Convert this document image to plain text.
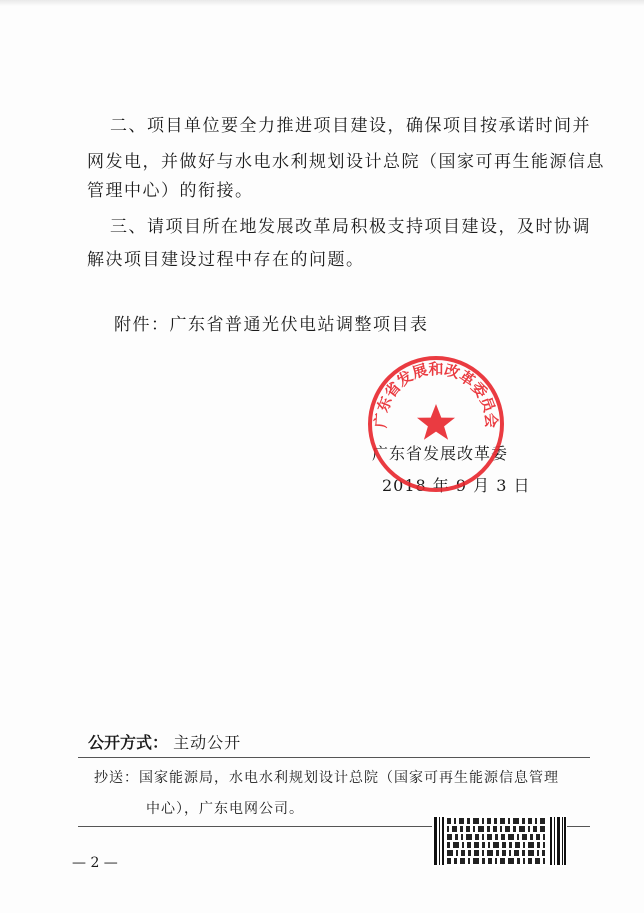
二、项目单位要全力推进项目建设，确保项目按承诺时间并

网发电，并做好与水电水利规划设计总院（国家可再生能源信息

管理中心）的衔接。

三、请项目所在地发展改革局积极支持项目建设，及时协调

解决项目建设过程中存在的问题。

附件：广东省普通光伏电站调整项目表

广东省发展改革委

2018 年 9 月 3 日

广东省发展和改革委员会
公开方式： 主动公开
抄送：国家能源局，水电水利规划设计总院（国家可再生能源信息管理
中心），广东电网公司。
— 2 —
